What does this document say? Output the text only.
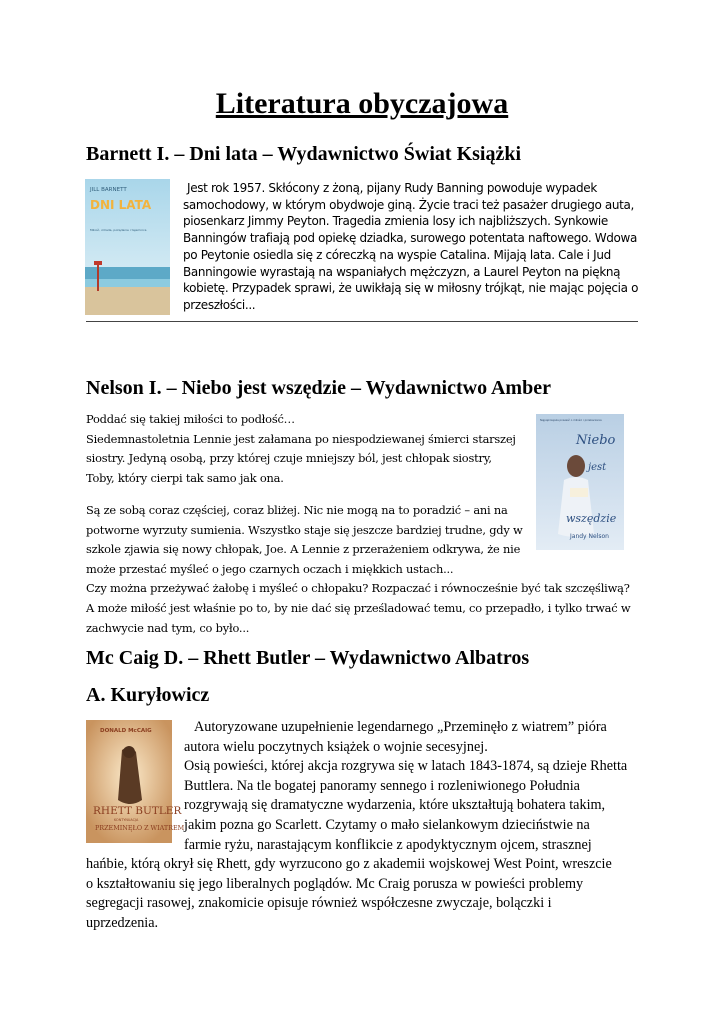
Literatura obyczajowa
Barnett I. – Dni lata – Wydawnictwo Świat Książki
JILL BARNETT
DNI LATA
Miłość, zdrada, pożądanie i tajemnica
Jest rok 1957. Skłócony z żoną, pijany Rudy Banning powoduje wypadek
samochodowy, w którym obydwoje giną. Życie traci też pasażer drugiego auta,
piosenkarz Jimmy Peyton. Tragedia zmienia losy ich najbliższych. Synkowie
Banningów trafiają pod opiekę dziadka, surowego potentata naftowego. Wdowa
po Peytonie osiedla się z córeczką na wyspie Catalina. Mijają lata. Cale i Jud
Banningowie wyrastają na wspaniałych mężczyzn, a Laurel Peyton na piękną
kobietę. Przypadek sprawi, że uwikłają się w miłosny trójkąt, nie mając pojęcia o
przeszłości...
Nelson I. – Niebo jest wszędzie – Wydawnictwo Amber
Poddać się takiej miłości to podłość…
Siedemnastoletnia Lennie jest załamana po niespodziewanej śmierci starszej
siostry. Jedyną osobą, przy której czuje mniejszy ból, jest chłopak siostry,
Toby, który cierpi tak samo jak ona.
Są ze sobą coraz częściej, coraz bliżej. Nic nie mogą na to poradzić – ani na
potworne wyrzuty sumienia. Wszystko staje się jeszcze bardziej trudne, gdy w
szkole zjawia się nowy chłopak, Joe. A Lennie z przerażeniem odkrywa, że nie
może przestać myśleć o jego czarnych oczach i miękkich ustach...
Czy można przeżywać żałobę i myśleć o chłopaku? Rozpaczać i równocześnie być tak szczęśliwą?
A może miłość jest właśnie po to, by nie dać się prześladować temu, co przepadło, i tylko trwać w
zachwycie nad tym, co było...
Najpiękniejsza powieść o miłości i przebaczeniu
Niebo
jest
wszędzie
Jandy Nelson
Mc Caig D. – Rhett Butler – Wydawnictwo Albatros
A. Kuryłowicz
DONALD McCAIG
RHETT BUTLER
KONTYNUACJA
PRZEMINĘŁO Z WIATREM
Autoryzowane uzupełnienie legendarnego „Przeminęło z wiatrem” pióra
autora wielu poczytnych książek o wojnie secesyjnej.
Osią powieści, której akcja rozgrywa się w latach 1843-1874, są dzieje Rhetta
Buttlera. Na tle bogatej panoramy sennego i rozleniwionego Południa
rozgrywają się dramatyczne wydarzenia, które ukształtują bohatera takim,
jakim pozna go Scarlett. Czytamy o mało sielankowym dzieciństwie na
farmie ryżu, narastającym konflikcie z apodyktycznym ojcem, strasznej
hańbie, którą okrył się Rhett, gdy wyrzucono go z akademii wojskowej West Point, wreszcie
o kształtowaniu się jego liberalnych poglądów. Mc Craig porusza w powieści problemy
segregacji rasowej, znakomicie opisuje również współczesne zwyczaje, bolączki i
uprzedzenia.
